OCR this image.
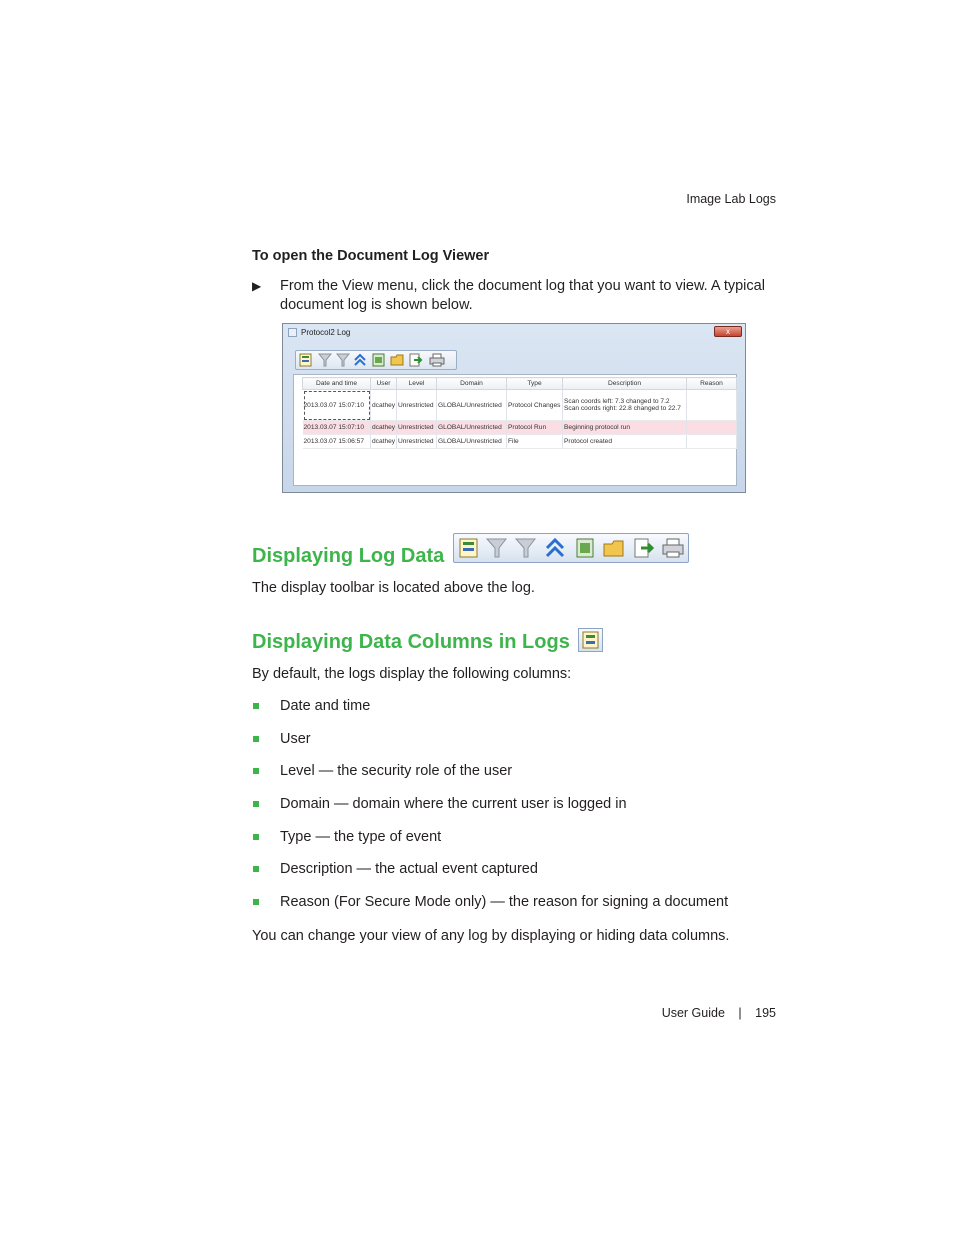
Image Lab Logs
To open the Document Log Viewer
▶ From the View menu, click the document log that you want to view. A typical document log is shown below.
Protocol2 Log	x
Date and time	User	Level	Domain	Type	Description	Reason
2013.03.07 15:07:10	dcathey	Unrestricted	GLOBAL/Unrestricted	Protocol Changes	Scan coords left: 7.3 changed to 7.2
Scan coords right: 22.8 changed to 22.7	

2013.03.07 15:07:10	dcathey	Unrestricted	GLOBAL/Unrestricted	Protocol Run	Beginning protocol run	
2013.03.07 15:06:57	dcathey	Unrestricted	GLOBAL/Unrestricted	File	Protocol created	
Displaying Log Data

The display toolbar is located above the log.

Displaying Data Columns in Logs

By default, the logs display the following columns:

Date and time
User
Level — the security role of the user
Domain — domain where the current user is logged in
Type — the type of event
Description — the actual event captured
Reason (For Secure Mode only) — the reason for signing a document

You can change your view of any log by displaying or hiding data columns.

User Guide | 195
